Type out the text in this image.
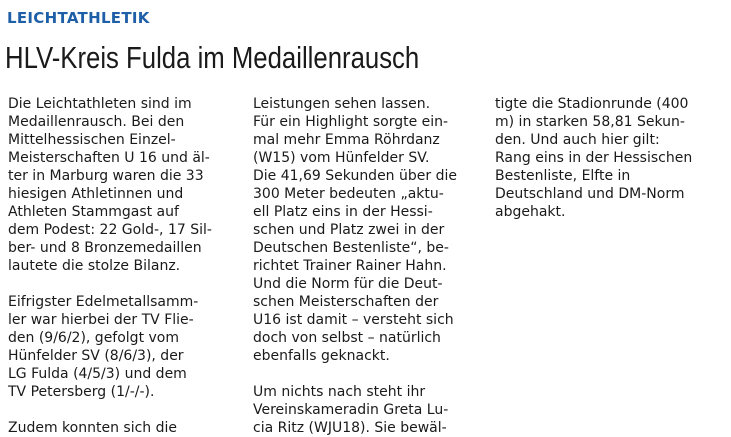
LEICHTATHLETIK
HLV-Kreis Fulda im Medaillenrausch
Die Leichtathleten sind im
Medaillenrausch. Bei den
Mittelhessischen Einzel-
Meisterschaften U 16 und äl-
ter in Marburg waren die 33
hiesigen Athletinnen und
Athleten Stammgast auf
dem Podest: 22 Gold-, 17 Sil-
ber- und 8 Bronzemedaillen
lautete die stolze Bilanz.
Eifrigster Edelmetallsamm-
ler war hierbei der TV Flie-
den (9/6/2), gefolgt vom
Hünfelder SV (8/6/3), der
LG Fulda (4/5/3) und dem
TV Petersberg (1/-/-).
Zudem konnten sich die
Leistungen sehen lassen.
Für ein Highlight sorgte ein-
mal mehr Emma Röhrdanz
(W15) vom Hünfelder SV.
Die 41,69 Sekunden über die
300 Meter bedeuten „aktu-
ell Platz eins in der Hessi-
schen und Platz zwei in der
Deutschen Bestenliste“, be-
richtet Trainer Rainer Hahn.
Und die Norm für die Deut-
schen Meisterschaften der
U16 ist damit – versteht sich
doch von selbst – natürlich
ebenfalls geknackt.
Um nichts nach steht ihr
Vereinskameradin Greta Lu-
cia Ritz (WJU18). Sie bewäl-
tigte die Stadionrunde (400
m) in starken 58,81 Sekun-
den. Und auch hier gilt:
Rang eins in der Hessischen
Bestenliste, Elfte in
Deutschland und DM-Norm
abgehakt.
